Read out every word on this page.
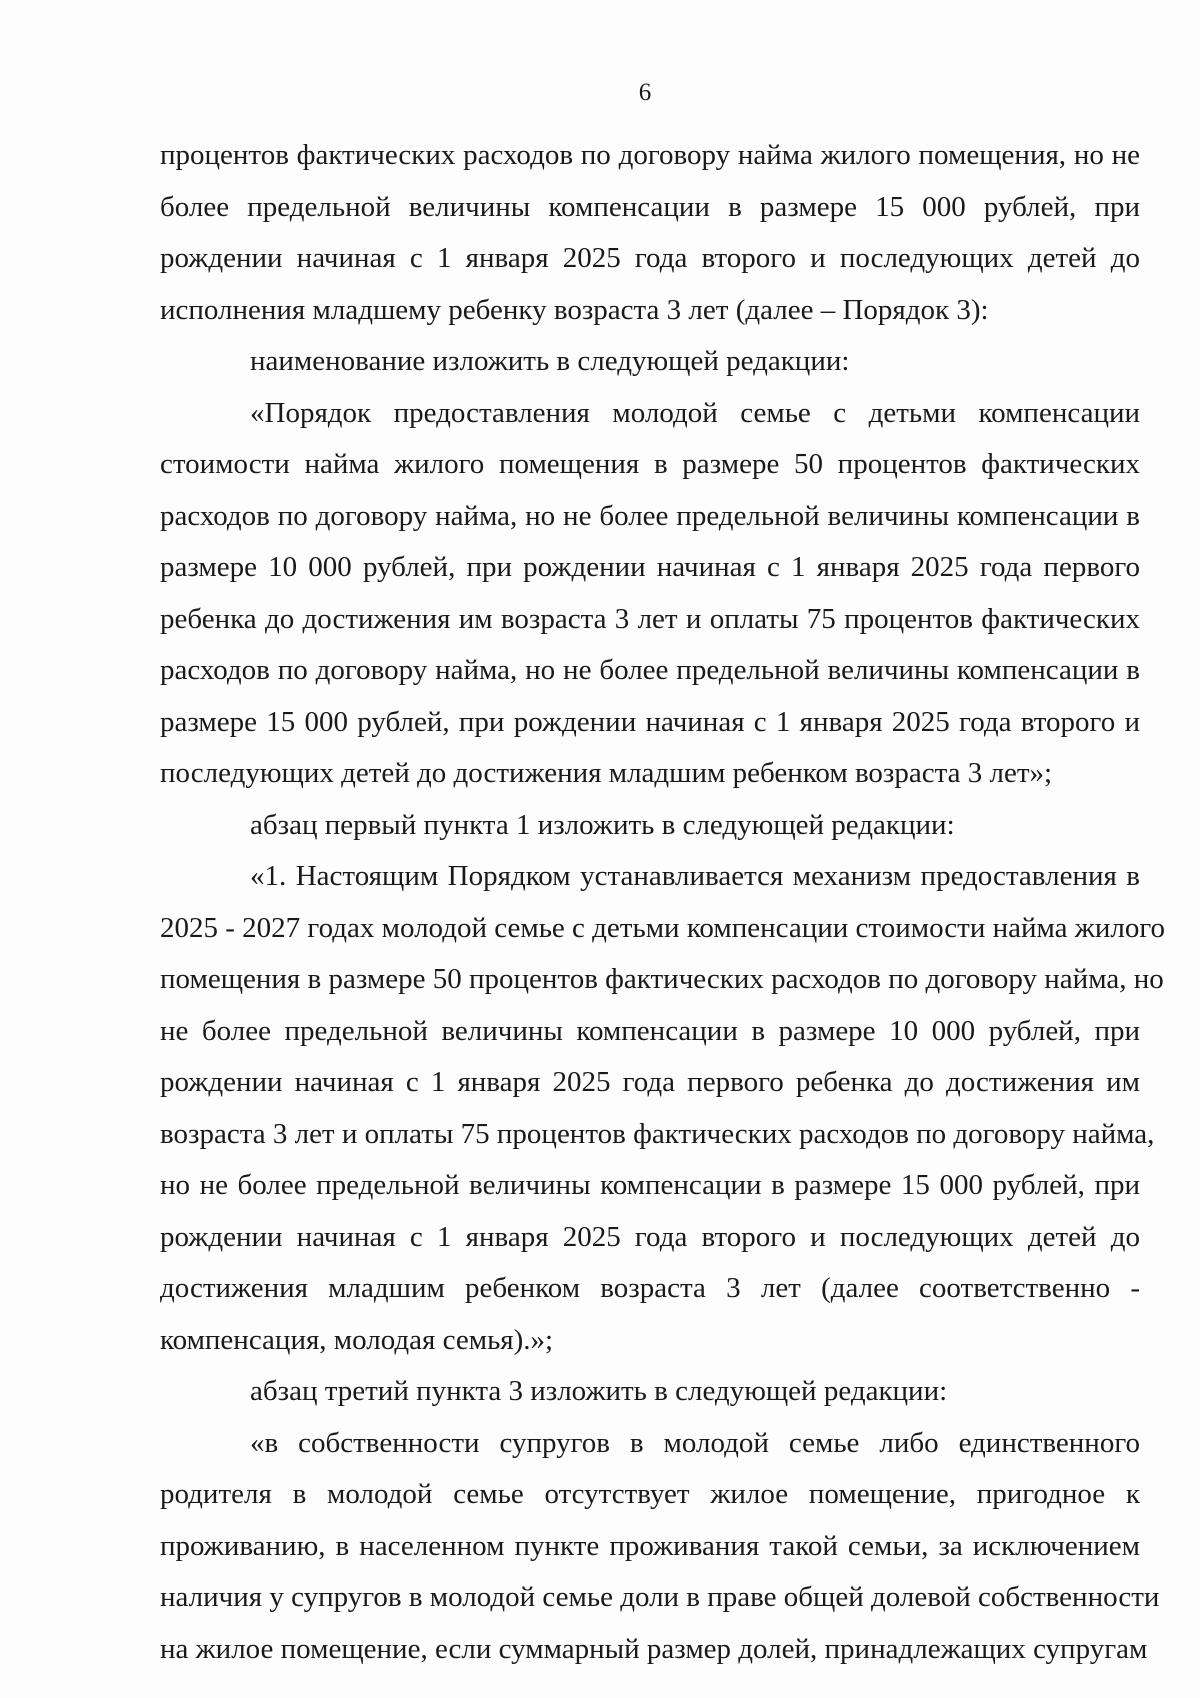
6

процентов фактических расходов по договору найма жилого помещения, но не
более предельной величины компенсации в размере 15 000 рублей, при
рождении начиная с 1 января 2025 года второго и последующих детей до
исполнения младшему ребенку возраста 3 лет (далее – Порядок 3):

наименование изложить в следующей редакции:

«Порядок предоставления молодой семье с детьми компенсации
стоимости найма жилого помещения в размере 50 процентов фактических
расходов по договору найма, но не более предельной величины компенсации в
размере 10 000 рублей, при рождении начиная с 1 января 2025 года первого
ребенка до достижения им возраста 3 лет и оплаты 75 процентов фактических
расходов по договору найма, но не более предельной величины компенсации в
размере 15 000 рублей, при рождении начиная с 1 января 2025 года второго и
последующих детей до достижения младшим ребенком возраста 3 лет»;

абзац первый пункта 1 изложить в следующей редакции:

«1. Настоящим Порядком устанавливается механизм предоставления в
2025 - 2027 годах молодой семье с детьми компенсации стоимости найма жилого
помещения в размере 50 процентов фактических расходов по договору найма, но
не более предельной величины компенсации в размере 10 000 рублей, при
рождении начиная с 1 января 2025 года первого ребенка до достижения им
возраста 3 лет и оплаты 75 процентов фактических расходов по договору найма,
но не более предельной величины компенсации в размере 15 000 рублей, при
рождении начиная с 1 января 2025 года второго и последующих детей до
достижения младшим ребенком возраста 3 лет (далее соответственно -
компенсация, молодая семья).»;

абзац третий пункта 3 изложить в следующей редакции:

«в собственности супругов в молодой семье либо единственного
родителя в молодой семье отсутствует жилое помещение, пригодное к
проживанию, в населенном пункте проживания такой семьи, за исключением
наличия у супругов в молодой семье доли в праве общей долевой собственности
на жилое помещение, если суммарный размер долей, принадлежащих супругам
